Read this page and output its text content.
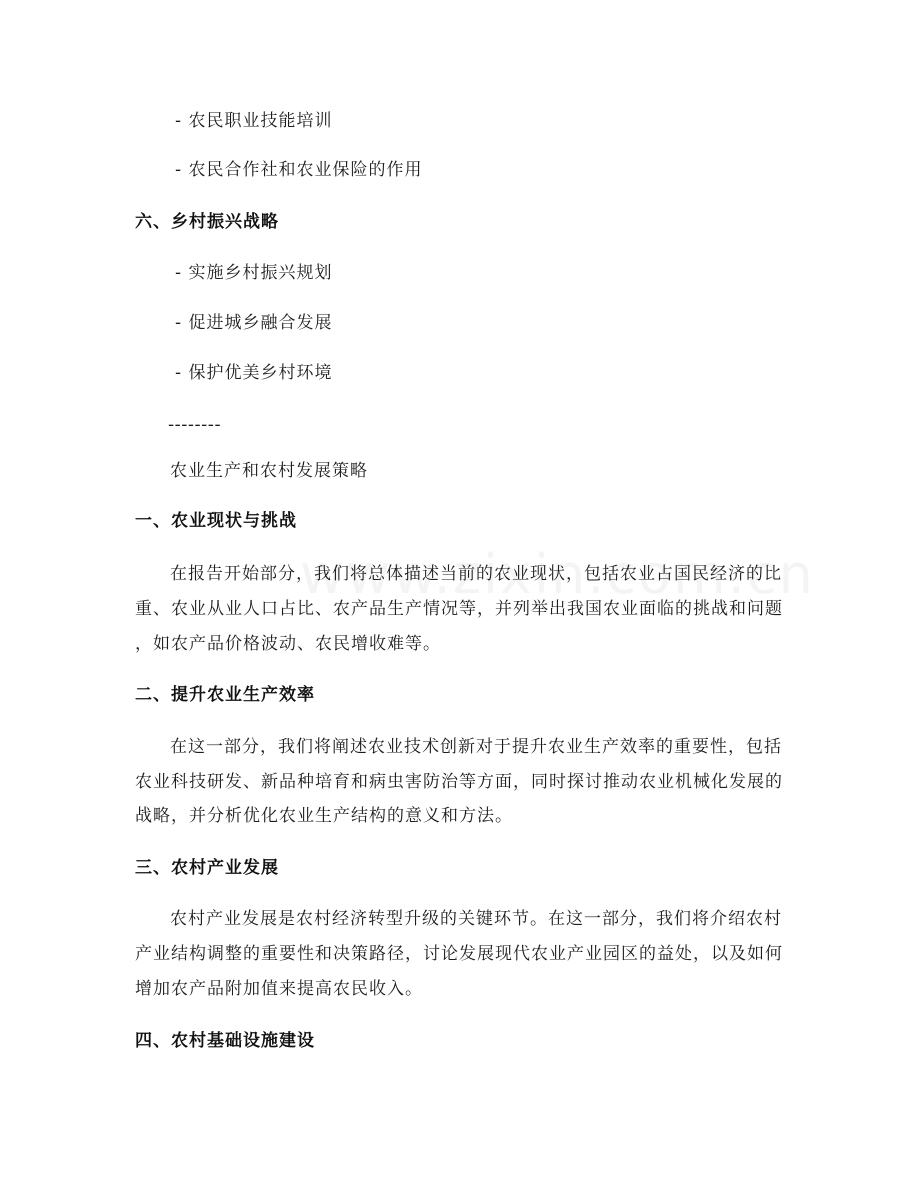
- 农民职业技能培训
- 农民合作社和农业保险的作用
六、乡村振兴战略
- 实施乡村振兴规划
- 促进城乡融合发展
- 保护优美乡村环境
--------
农业生产和农村发展策略
一、农业现状与挑战
在报告开始部分，我们将总体描述当前的农业现状，包括农业占国民经济的比
重、农业从业人口占比、农产品生产情况等，并列举出我国农业面临的挑战和问题
，如农产品价格波动、农民增收难等。
二、提升农业生产效率
在这一部分，我们将阐述农业技术创新对于提升农业生产效率的重要性，包括
农业科技研发、新品种培育和病虫害防治等方面，同时探讨推动农业机械化发展的
战略，并分析优化农业生产结构的意义和方法。
三、农村产业发展
农村产业发展是农村经济转型升级的关键环节。在这一部分，我们将介绍农村
产业结构调整的重要性和决策路径，讨论发展现代农业产业园区的益处，以及如何
增加农产品附加值来提高农民收入。
四、农村基础设施建设
